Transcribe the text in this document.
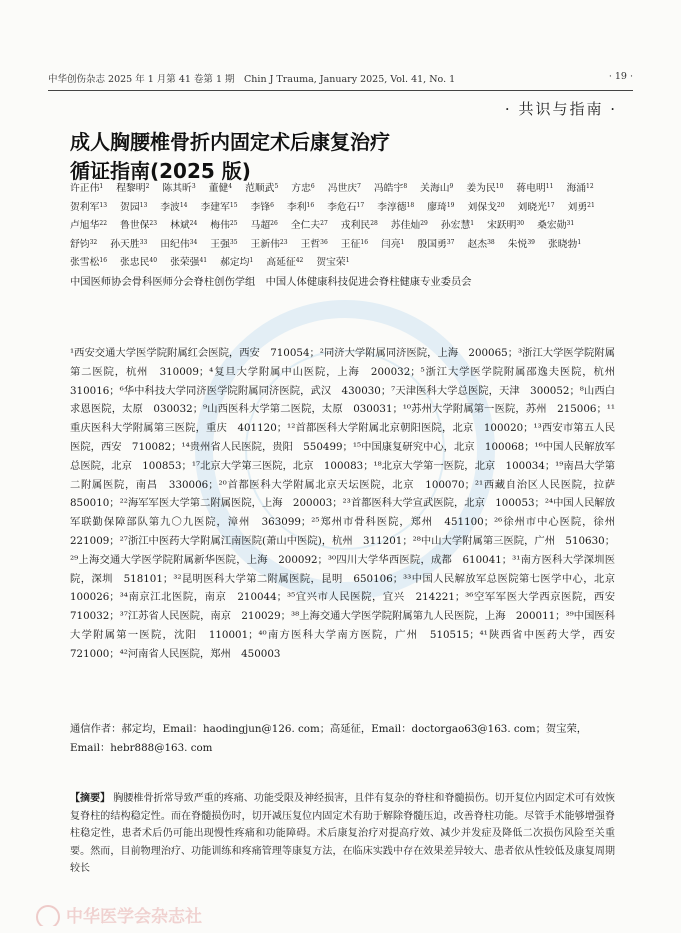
中华创伤杂志 2025 年 1 月第 41 卷第 1 期　Chin J Trauma, January 2025, Vol. 41, No. 1	· 19 ·
· 共识与指南 ·
成人胸腰椎骨折内固定术后康复治疗
循证指南(2025 版)
许正伟$^1$ 程黎明$^2$ 陈其昕$^3$ 董健$^4$ 范顺武$^5$ 方忠$^6$ 冯世庆$^7$ 冯皓宇$^8$ 关海山$^9$ 姜为民$^{10}$ 蒋电明$^{11}$ 海涌$^{12}$贺利军$^{13}$ 贺园$^{13}$ 李波$^{14}$ 李建军$^{15}$ 李锋$^6$ 李利$^{16}$ 李危石$^{17}$ 李淳德$^{18}$ 廖琦$^{19}$ 刘保戈$^{20}$ 刘晓光$^{17}$ 刘勇$^{21}$卢旭华$^{22}$ 鲁世保$^{23}$ 林斌$^{24}$ 梅伟$^{25}$ 马超$^{26}$ 全仁夫$^{27}$ 戎利民$^{28}$ 苏佳灿$^{29}$ 孙宏慧$^1$ 宋跃明$^{30}$ 桑宏勋$^{31}$舒钧$^{32}$ 孙天胜$^{33}$ 田纪伟$^{34}$ 王强$^{35}$ 王新伟$^{23}$ 王哲$^{36}$ 王征$^{16}$ 闫亮$^1$ 殷国勇$^{37}$ 赵杰$^{38}$ 朱悦$^{39}$ 张晓勃$^1$张雪松$^{16}$ 张忠民$^{40}$ 张荣强$^{41}$ 郝定均$^1$ 高延征$^{42}$ 贺宝荣$^1$
中国医师协会骨科医师分会脊柱创伤学组　中国人体健康科技促进会脊柱健康专业委员会
¹西安交通大学医学院附属红会医院，西安　710054；²同济大学附属同济医院，上海　200065；³浙江大学医学院附属第二医院，杭州　310009；⁴复旦大学附属中山医院，上海　200032；⁵浙江大学医学院附属邵逸夫医院，杭州　310016；⁶华中科技大学同济医学院附属同济医院，武汉　430030；⁷天津医科大学总医院，天津　300052；⁸山西白求恩医院，太原　030032；⁹山西医科大学第二医院，太原　030031；¹⁰苏州大学附属第一医院，苏州　215006；¹¹重庆医科大学附属第三医院，重庆　401120；¹²首都医科大学附属北京朝阳医院，北京　100020；¹³西安市第五人民医院，西安　710082；¹⁴贵州省人民医院，贵阳　550499；¹⁵中国康复研究中心，北京　100068；¹⁶中国人民解放军总医院，北京　100853；¹⁷北京大学第三医院，北京　100083；¹⁸北京大学第一医院，北京　100034；¹⁹南昌大学第二附属医院，南昌　330006；²⁰首都医科大学附属北京天坛医院，北京　100070；²¹西藏自治区人民医院，拉萨　850010；²²海军军医大学第二附属医院，上海　200003；²³首都医科大学宣武医院，北京　100053；²⁴中国人民解放军联勤保障部队第九〇九医院，漳州　363099；²⁵郑州市骨科医院，郑州　451100；²⁶徐州市中心医院，徐州　221009；²⁷浙江中医药大学附属江南医院(萧山中医院)，杭州　311201；²⁸中山大学附属第三医院，广州　510630；²⁹上海交通大学医学院附属新华医院，上海　200092；³⁰四川大学华西医院，成都　610041；³¹南方医科大学深圳医院，深圳　518101；³²昆明医科大学第二附属医院，昆明　650106；³³中国人民解放军总医院第七医学中心，北京　100026；³⁴南京江北医院，南京　210044；³⁵宜兴市人民医院，宜兴　214221；³⁶空军军医大学西京医院，西安　710032；³⁷江苏省人民医院，南京　210029；³⁸上海交通大学医学院附属第九人民医院，上海　200011；³⁹中国医科大学附属第一医院，沈阳　110001；⁴⁰南方医科大学南方医院，广州　510515；⁴¹陕西省中医药大学，西安　721000；⁴²河南省人民医院，郑州　450003
通信作者：郝定均，Email：haodingjun@126. com；高延征，Email：doctorgao63@163. com；贺宝荣，Email：hebr888@163. com
【摘要】 胸腰椎骨折常导致严重的疼痛、功能受限及神经损害，且伴有复杂的脊柱和脊髓损伤。切开复位内固定术可有效恢复脊柱的结构稳定性。而在脊髓损伤时，切开减压复位内固定术有助于解除脊髓压迫，改善脊柱功能。尽管手术能够增强脊柱稳定性，患者术后仍可能出现慢性疼痛和功能障碍。术后康复治疗对提高疗效、减少并发症及降低二次损伤风险至关重要。然而，目前物理治疗、功能训练和疼痛管理等康复方法，在临床实践中存在效果差异较大、患者依从性较低及康复周期较长
中华医学会杂志社
